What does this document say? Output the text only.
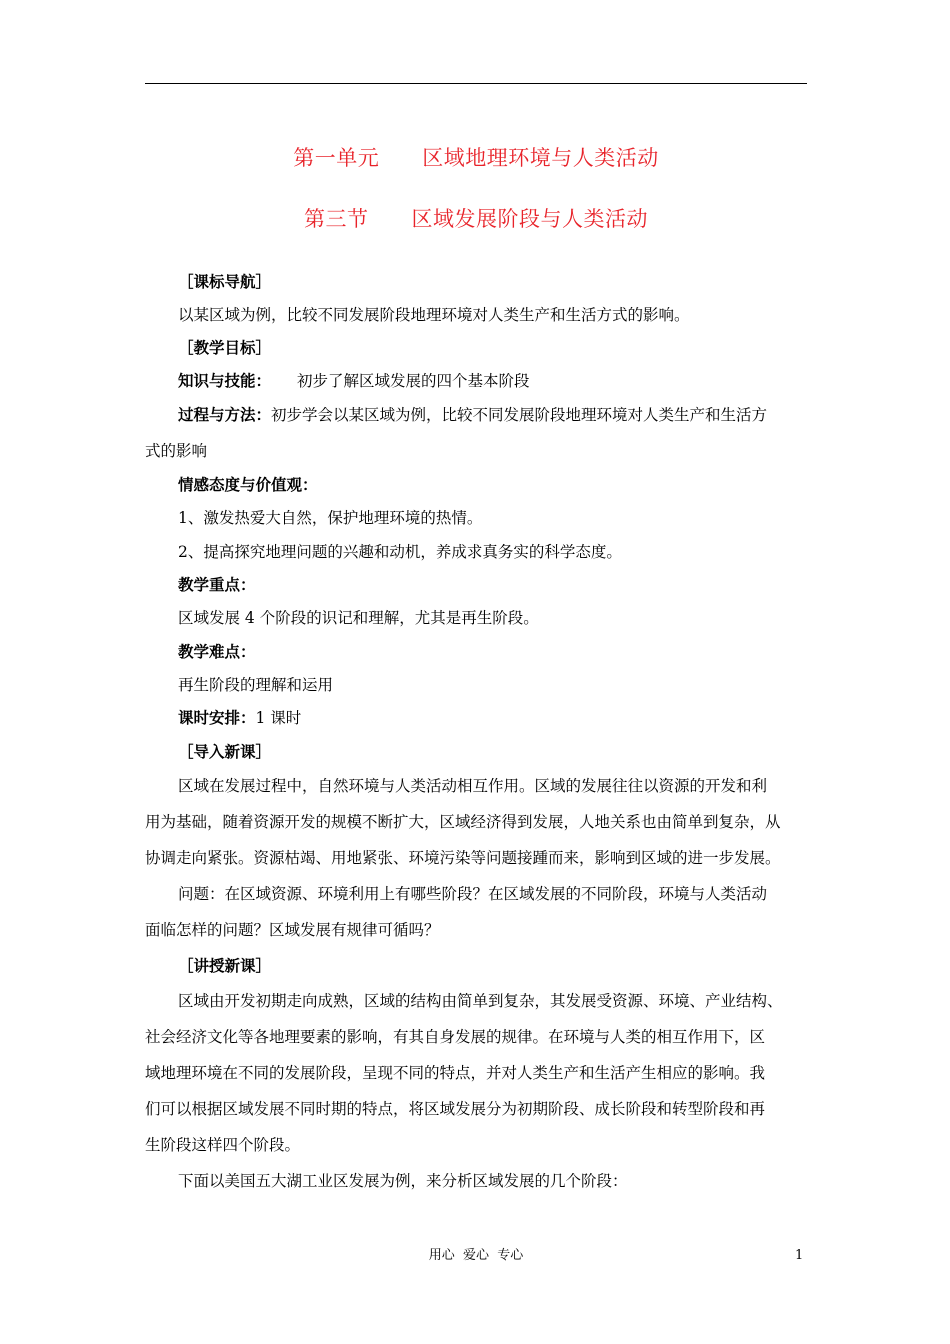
第一单元      区域地理环境与人类活动
第三节      区域发展阶段与人类活动
［课标导航］
以某区域为例，比较不同发展阶段地理环境对人类生产和生活方式的影响。
［教学目标］
知识与技能： 初步了解区域发展的四个基本阶段
过程与方法：初步学会以某区域为例，比较不同发展阶段地理环境对人类生产和生活方
式的影响
情感态度与价值观：
1、激发热爱大自然，保护地理环境的热情。
2、提高探究地理问题的兴趣和动机，养成求真务实的科学态度。
教学重点：
区域发展 4 个阶段的识记和理解，尤其是再生阶段。
教学难点：
再生阶段的理解和运用
课时安排：1 课时
［导入新课］
区域在发展过程中，自然环境与人类活动相互作用。区域的发展往往以资源的开发和利
用为基础，随着资源开发的规模不断扩大，区域经济得到发展，人地关系也由简单到复杂，从
协调走向紧张。资源枯竭、用地紧张、环境污染等问题接踵而来，影响到区域的进一步发展。
问题：在区域资源、环境利用上有哪些阶段？在区域发展的不同阶段，环境与人类活动
面临怎样的问题？区域发展有规律可循吗？
［讲授新课］
区域由开发初期走向成熟，区域的结构由简单到复杂，其发展受资源、环境、产业结构、
社会经济文化等各地理要素的影响，有其自身发展的规律。在环境与人类的相互作用下，区
域地理环境在不同的发展阶段，呈现不同的特点，并对人类生产和生活产生相应的影响。我
们可以根据区域发展不同时期的特点，将区域发展分为初期阶段、成长阶段和转型阶段和再
生阶段这样四个阶段。
下面以美国五大湖工业区发展为例，来分析区域发展的几个阶段：
用心  爱心  专心	1
